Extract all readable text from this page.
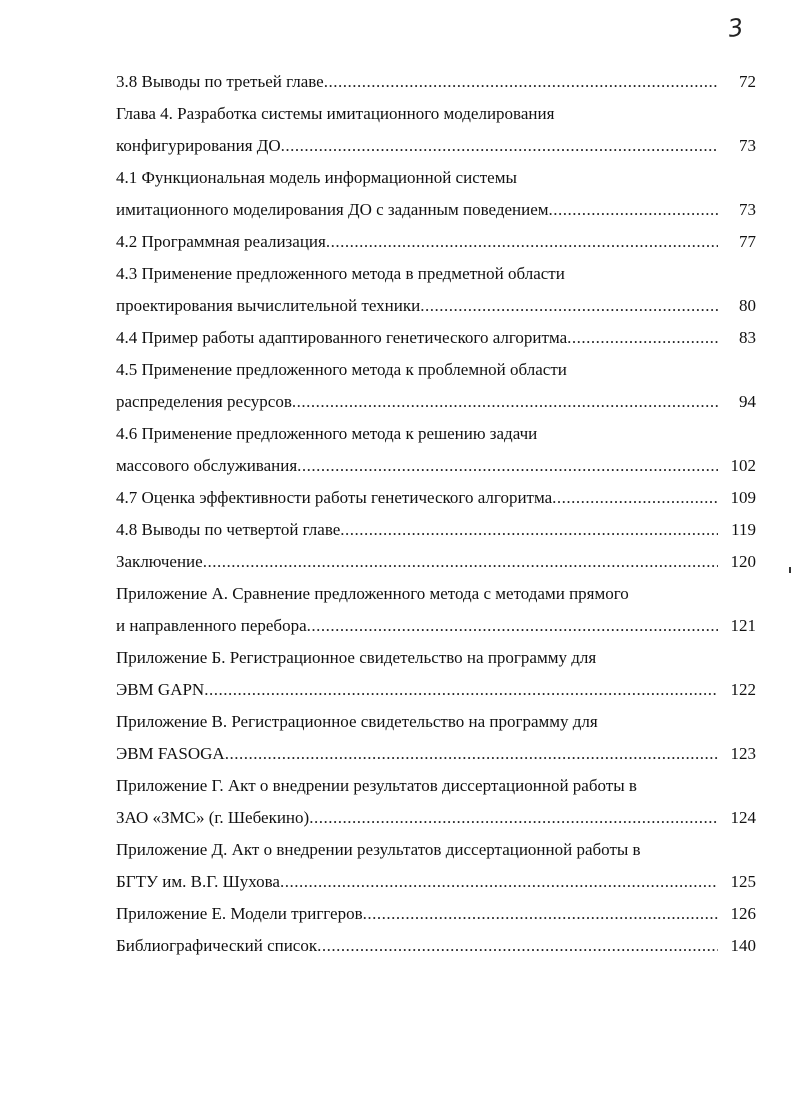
3
3.8 Выводы по третьей главе .....	72
Глава 4. Разработка системы имитационного моделирования
конфигурирования ДО .....	73
4.1 Функциональная модель информационной системы
имитационного моделирования ДО с заданным поведением .....	73
4.2 Программная реализация .....	77
4.3 Применение предложенного метода в предметной области
проектирования вычислительной техники .....	80
4.4 Пример работы адаптированного генетического алгоритма .....	83
4.5 Применение предложенного метода к проблемной области
распределения ресурсов .....	94
4.6 Применение предложенного метода к решению задачи
массового обслуживания .....	102
4.7 Оценка эффективности работы генетического алгоритма .....	109
4.8 Выводы по четвертой главе .....	119
Заключение .....	120
Приложение А. Сравнение предложенного метода с методами прямого
и направленного перебора .....	121
Приложение Б. Регистрационное свидетельство на программу для
ЭВМ GAPN .....	122
Приложение В. Регистрационное свидетельство на программу для
ЭВМ FASOGA .....	123
Приложение Г. Акт о внедрении результатов диссертационной работы в
ЗАО «ЗМС» (г. Шебекино) .....	124
Приложение Д. Акт о внедрении результатов диссертационной работы в
БГТУ им. В.Г. Шухова .....	125
Приложение Е. Модели триггеров .....	126
Библиографический список .....	140
